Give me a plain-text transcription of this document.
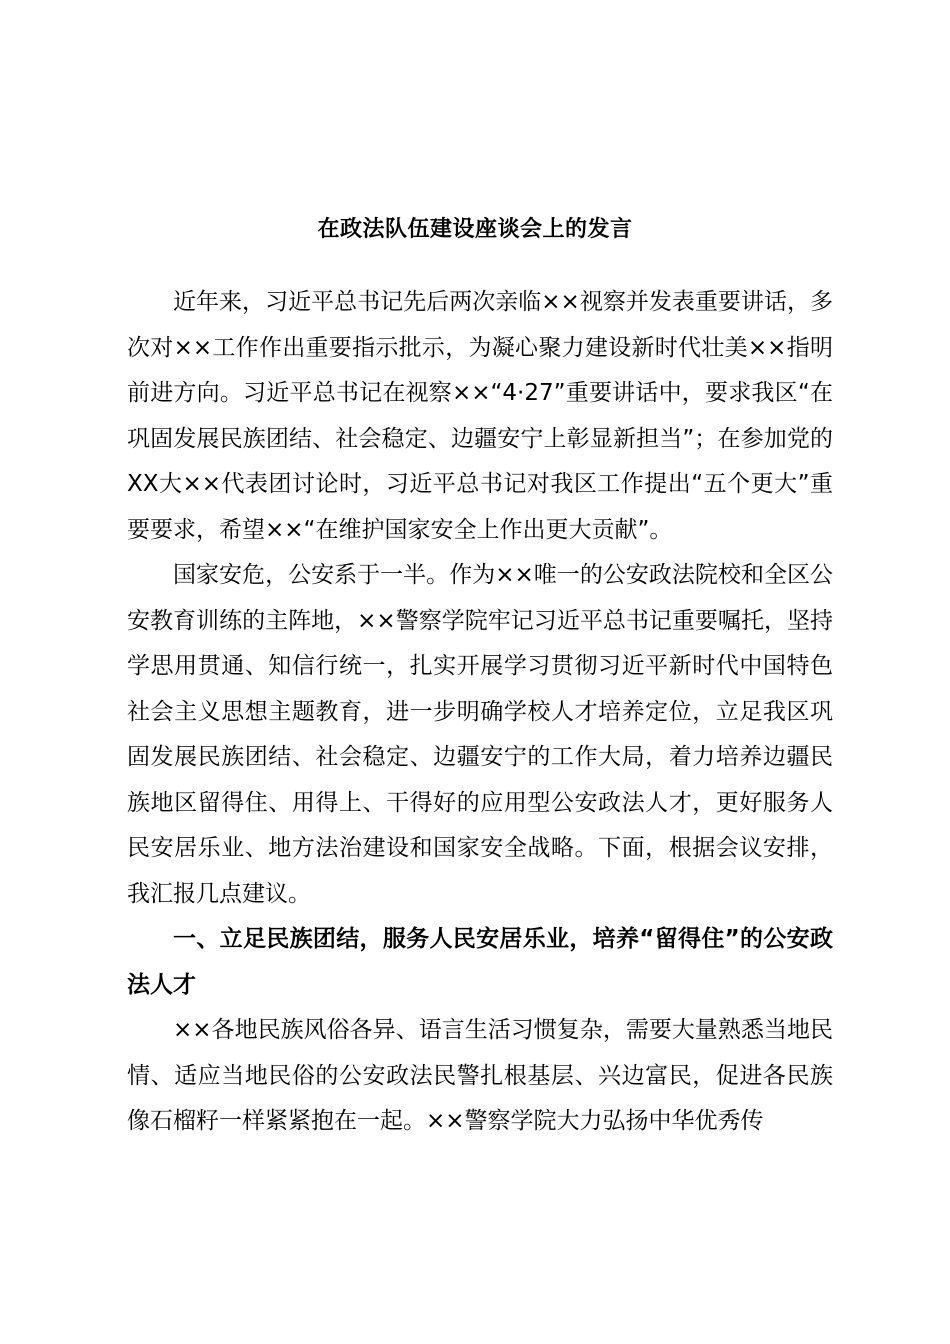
在政法队伍建设座谈会上的发言

近年来，习近平总书记先后两次亲临××视察并发表重要讲话，多次对××工作作出重要指示批示，为凝心聚力建设新时代壮美××指明前进方向。习近平总书记在视察××“4·27”重要讲话中，要求我区“在巩固发展民族团结、社会稳定、边疆安宁上彰显新担当”；在参加党的XX大××代表团讨论时，习近平总书记对我区工作提出“五个更大”重要要求，希望××“在维护国家安全上作出更大贡献”。

国家安危，公安系于一半。作为××唯一的公安政法院校和全区公安教育训练的主阵地，××警察学院牢记习近平总书记重要嘱托，坚持学思用贯通、知信行统一，扎实开展学习贯彻习近平新时代中国特色社会主义思想主题教育，进一步明确学校人才培养定位，立足我区巩固发展民族团结、社会稳定、边疆安宁的工作大局，着力培养边疆民族地区留得住、用得上、干得好的应用型公安政法人才，更好服务人民安居乐业、地方法治建设和国家安全战略。下面，根据会议安排，我汇报几点建议。

一、立足民族团结，服务人民安居乐业，培养“留得住”的公安政法人才

××各地民族风俗各异、语言生活习惯复杂，需要大量熟悉当地民情、适应当地民俗的公安政法民警扎根基层、兴边富民，促进各民族像石榴籽一样紧紧抱在一起。××警察学院大力弘扬中华优秀传
